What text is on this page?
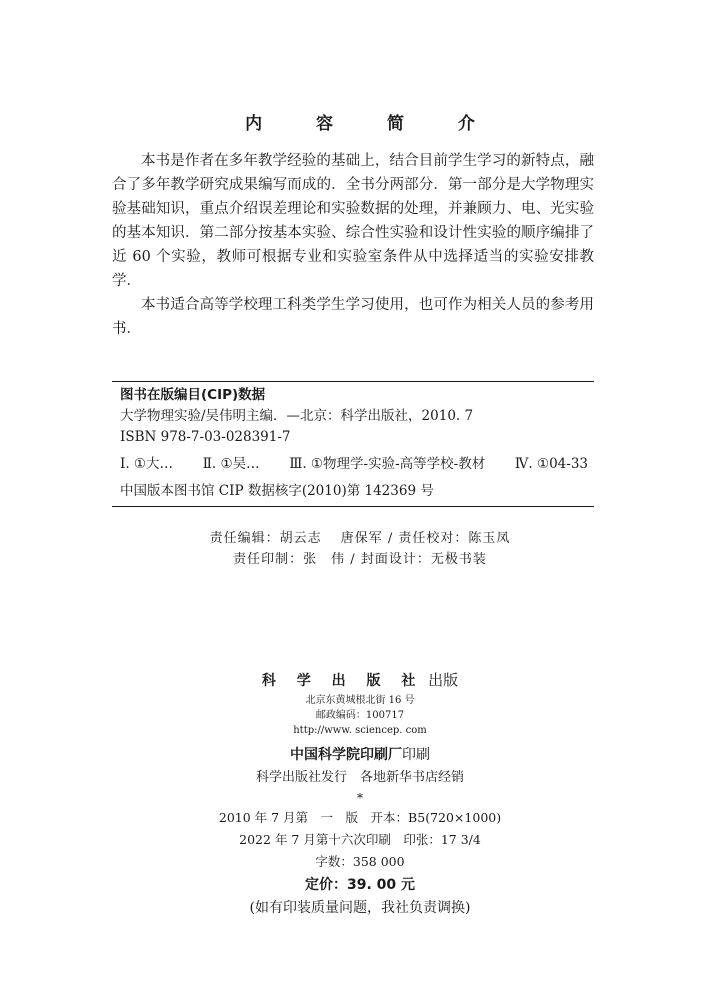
内 容 简 介

本书是作者在多年教学经验的基础上，结合目前学生学习的新特点，融合了多年教学研究成果编写而成的．全书分两部分．第一部分是大学物理实验基础知识，重点介绍误差理论和实验数据的处理，并兼顾力、电、光实验的基本知识．第二部分按基本实验、综合性实验和设计性实验的顺序编排了近 60 个实验，教师可根据专业和实验室条件从中选择适当的实验安排教学．

本书适合高等学校理工科类学生学习使用，也可作为相关人员的参考用书．

图书在版编目(CIP)数据
大学物理实验/吴伟明主编．—北京：科学出版社，2010. 7
ISBN 978-7-03-028391-7
Ⅰ. ①大… Ⅱ. ①吴… Ⅲ. ①物理学-实验-高等学校-教材 Ⅳ. ①04-33
中国版本图书馆 CIP 数据核字(2010)第 142369 号
责任编辑：胡云志　 唐保军 / 责任校对：陈玉凤
责任印制：张　伟 / 封面设计：无极书装
科 学 出 版 社 出版
北京东黄城根北街 16 号
邮政编码：100717
http://www. sciencep. com
中国科学院印刷厂印刷
科学出版社发行　各地新华书店经销
*
2010 年 7 月第　一　版　开本：B5(720×1000)
2022 年 7 月第十六次印刷　印张：17 3/4
字数：358 000
定价：39. 00 元
(如有印装质量问题，我社负责调换)
